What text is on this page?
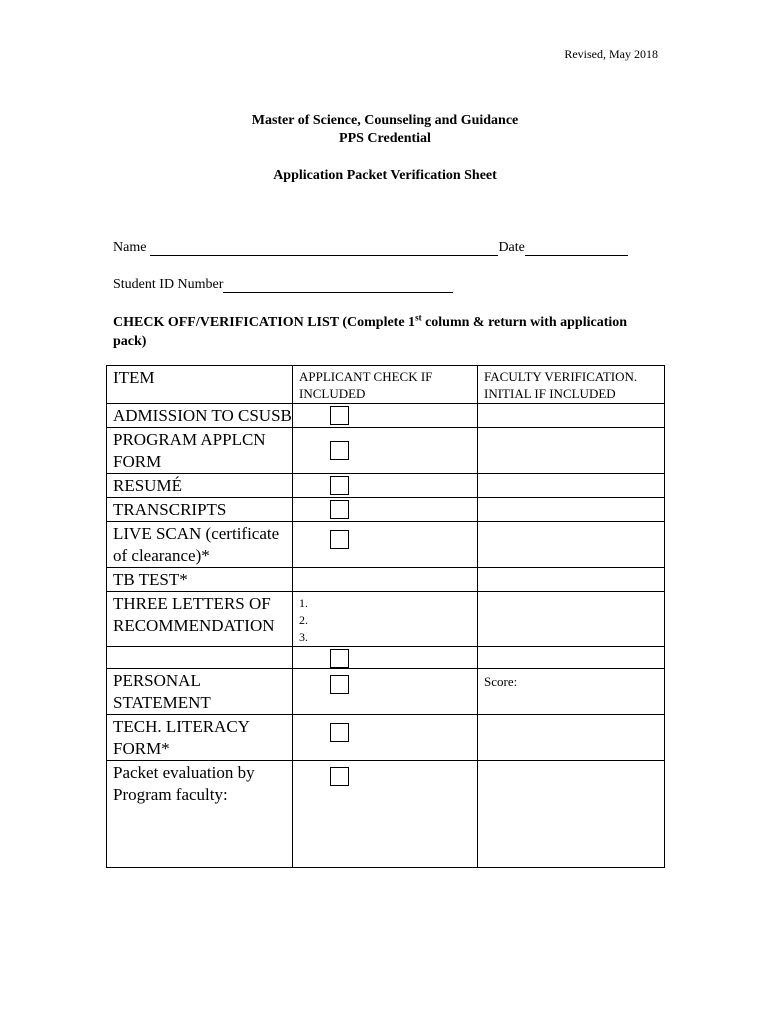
Revised, May 2018
Master of Science, Counseling and Guidance
PPS Credential
Application Packet Verification Sheet
Name	Date
Student ID Number
CHECK OFF/VERIFICATION LIST (Complete 1st column & return with application pack)
ITEM	APPLICANT CHECK IF INCLUDED	FACULTY VERIFICATION. INITIAL IF INCLUDED

ADMISSION TO CSUSB		

PROGRAM APPLCN FORM		

RESUMÉ		

TRANSCRIPTS		

LIVE SCAN (certificate of clearance)*		

TB TEST*		

THREE LETTERS OF RECOMMENDATION	1.
2.
3.	

PERSONAL STATEMENT		Score:

TECH. LITERACY FORM*		

Packet evaluation by Program faculty:		
